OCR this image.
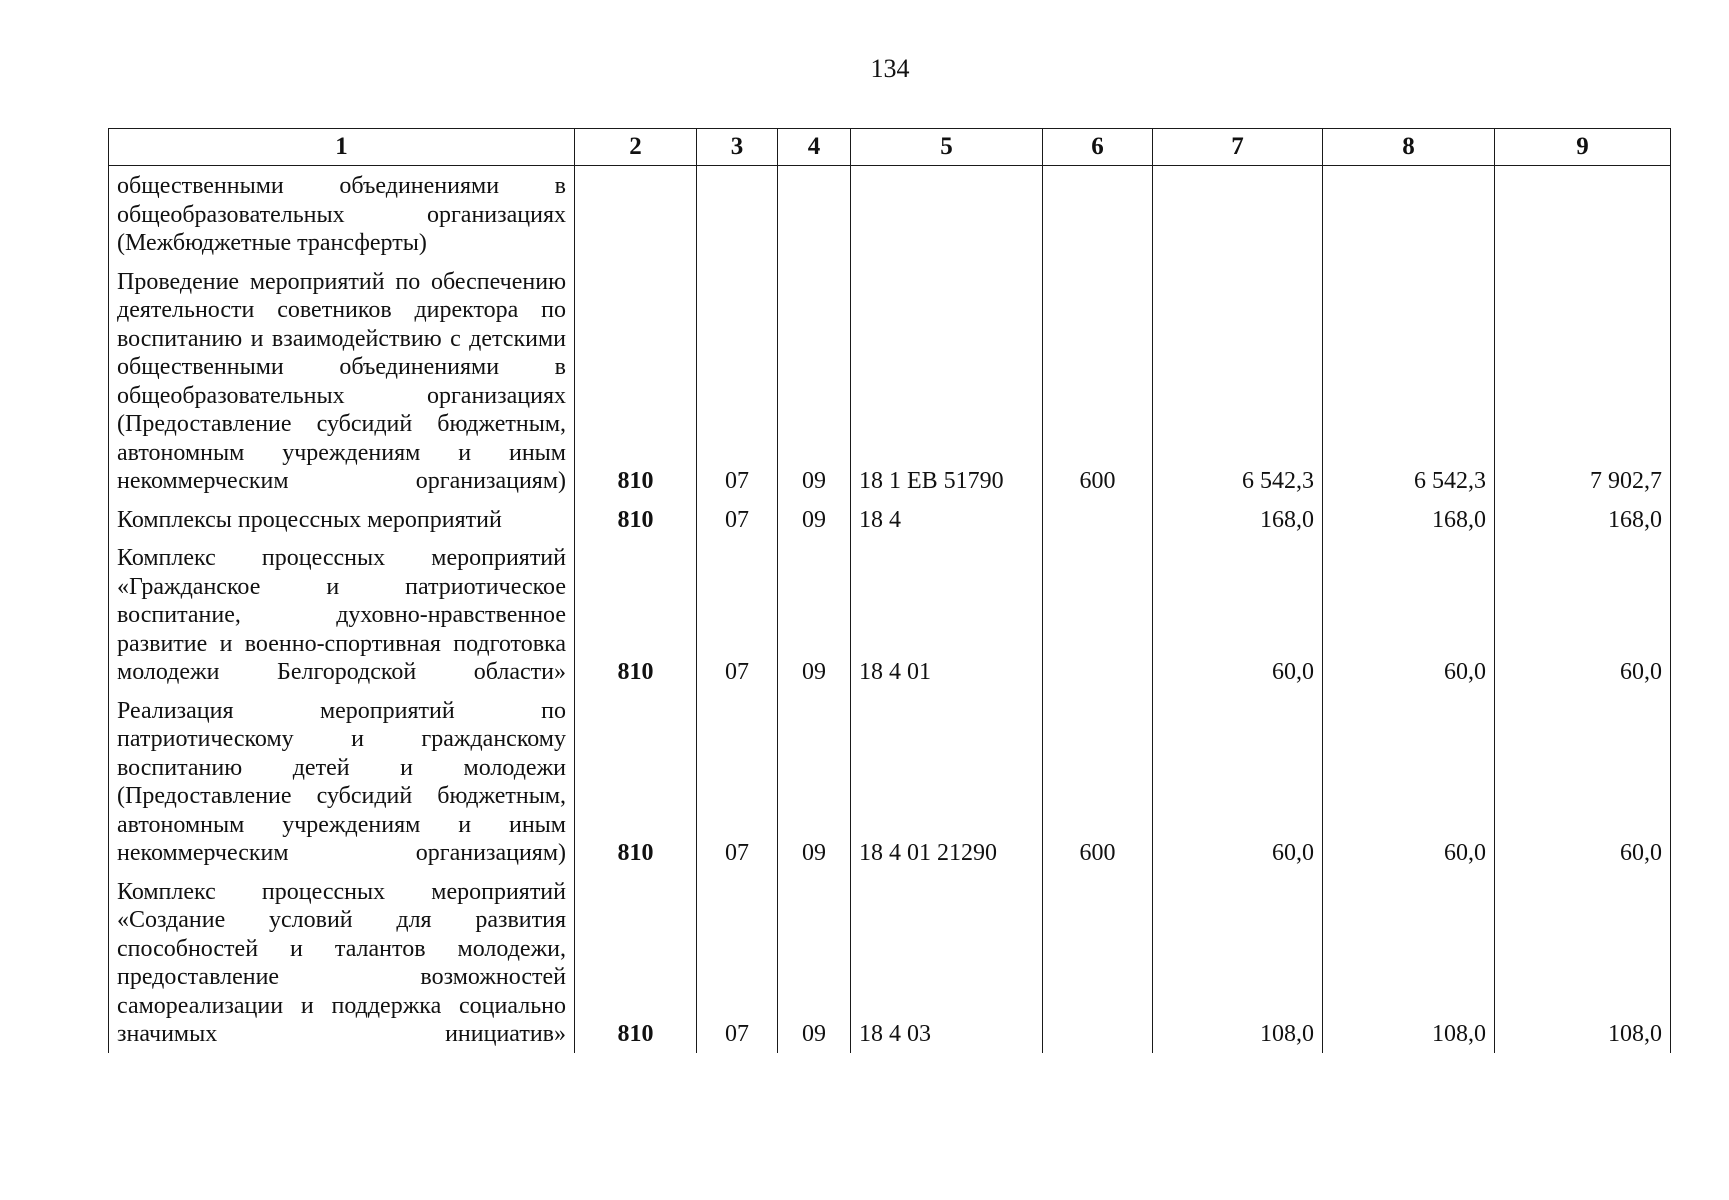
134
1	2	3	4	5	6	7	8	9
общественными объединениями в общеобразовательных организациях (Межбюджетные трансферты)								
Проведение мероприятий по обеспечению деятельности советников директора по воспитанию и взаимодействию с детскими общественными объединениями в общеобразовательных организациях (Предоставление субсидий бюджетным, автономным учреждениям и иным некоммерческим организациям)	810	07	09	18 1 ЕВ 51790	600	6 542,3	6 542,3	7 902,7
Комплексы процессных мероприятий	810	07	09	18 4		168,0	168,0	168,0
Комплекс процессных мероприятий «Гражданское и патриотическое воспитание, духовно-нравственное развитие и военно-спортивная подготовка молодежи Белгородской области»	810	07	09	18 4 01		60,0	60,0	60,0
Реализация мероприятий по патриотическому и гражданскому воспитанию детей и молодежи (Предоставление субсидий бюджетным, автономным учреждениям и иным некоммерческим организациям)	810	07	09	18 4 01 21290	600	60,0	60,0	60,0
Комплекс процессных мероприятий «Создание условий для развития способностей и талантов молодежи, предоставление возможностей самореализации и поддержка социально значимых инициатив»	810	07	09	18 4 03		108,0	108,0	108,0
